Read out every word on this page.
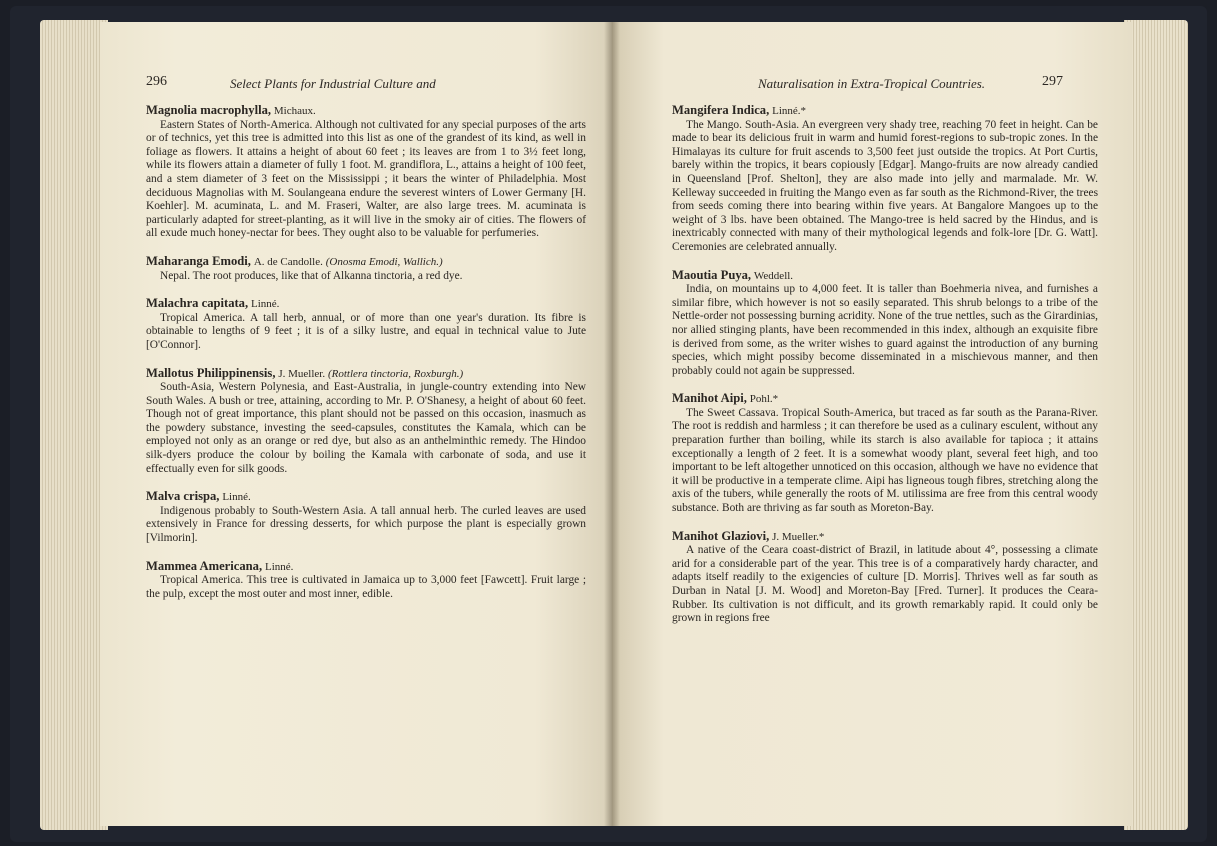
296	Select Plants for Industrial Culture and
Magnolia macrophylla, Michaux.

Eastern States of North-America. Although not cultivated for any special purposes of the arts or of technics, yet this tree is admitted into this list as one of the grandest of its kind, as well in foliage as flowers. It attains a height of about 60 feet ; its leaves are from 1 to 3½ feet long, while its flowers attain a diameter of fully 1 foot. M. grandiflora, L., attains a height of 100 feet, and a stem diameter of 3 feet on the Mississippi ; it bears the winter of Philadelphia. Most deciduous Magnolias with M. Soulangeana endure the severest winters of Lower Germany [H. Koehler]. M. acuminata, L. and M. Fraseri, Walter, are also large trees. M. acuminata is particularly adapted for street-planting, as it will live in the smoky air of cities. The flowers of all exude much honey-nectar for bees. They ought also to be valuable for perfumeries.

Maharanga Emodi, A. de Candolle. (Onosma Emodi, Wallich.)

Nepal. The root produces, like that of Alkanna tinctoria, a red dye.

Malachra capitata, Linné.

Tropical America. A tall herb, annual, or of more than one year's duration. Its fibre is obtainable to lengths of 9 feet ; it is of a silky lustre, and equal in technical value to Jute [O'Connor].

Mallotus Philippinensis, J. Mueller. (Rottlera tinctoria, Roxburgh.)

South-Asia, Western Polynesia, and East-Australia, in jungle-country extending into New South Wales. A bush or tree, attaining, according to Mr. P. O'Shanesy, a height of about 60 feet. Though not of great importance, this plant should not be passed on this occasion, inasmuch as the powdery substance, investing the seed-capsules, constitutes the Kamala, which can be employed not only as an orange or red dye, but also as an anthelminthic remedy. The Hindoo silk-dyers produce the colour by boiling the Kamala with carbonate of soda, and use it effectually even for silk goods.

Malva crispa, Linné.

Indigenous probably to South-Western Asia. A tall annual herb. The curled leaves are used extensively in France for dressing desserts, for which purpose the plant is especially grown [Vilmorin].

Mammea Americana, Linné.

Tropical America. This tree is cultivated in Jamaica up to 3,000 feet [Fawcett]. Fruit large ; the pulp, except the most outer and most inner, edible.

Naturalisation in Extra-Tropical Countries.	297
Mangifera Indica, Linné.*

The Mango. South-Asia. An evergreen very shady tree, reaching 70 feet in height. Can be made to bear its delicious fruit in warm and humid forest-regions to sub-tropic zones. In the Himalayas its culture for fruit ascends to 3,500 feet just outside the tropics. At Port Curtis, barely within the tropics, it bears copiously [Edgar]. Mango-fruits are now already candied in Queensland [Prof. Shelton], they are also made into jelly and marmalade. Mr. W. Kelleway succeeded in fruiting the Mango even as far south as the Richmond-River, the trees from seeds coming there into bearing within five years. At Bangalore Mangoes up to the weight of 3 lbs. have been obtained. The Mango-tree is held sacred by the Hindus, and is inextricably connected with many of their mythological legends and folk-lore [Dr. G. Watt]. Ceremonies are celebrated annually.

Maoutia Puya, Weddell.

India, on mountains up to 4,000 feet. It is taller than Boehmeria nivea, and furnishes a similar fibre, which however is not so easily separated. This shrub belongs to a tribe of the Nettle-order not possessing burning acridity. None of the true nettles, such as the Girardinias, nor allied stinging plants, have been recommended in this index, although an exquisite fibre is derived from some, as the writer wishes to guard against the introduction of any burning species, which might possiby become disseminated in a mischievous manner, and then probably could not again be suppressed.

Manihot Aipi, Pohl.*

The Sweet Cassava. Tropical South-America, but traced as far south as the Parana-River. The root is reddish and harmless ; it can therefore be used as a culinary esculent, without any preparation further than boiling, while its starch is also available for tapioca ; it attains exceptionally a length of 2 feet. It is a somewhat woody plant, several feet high, and too important to be left altogether unnoticed on this occasion, although we have no evidence that it will be productive in a temperate clime. Aipi has ligneous tough fibres, stretching along the axis of the tubers, while generally the roots of M. utilissima are free from this central woody substance. Both are thriving as far south as Moreton-Bay.

Manihot Glaziovi, J. Mueller.*

A native of the Ceara coast-district of Brazil, in latitude about 4°, possessing a climate arid for a considerable part of the year. This tree is of a comparatively hardy character, and adapts itself readily to the exigencies of culture [D. Morris]. Thrives well as far south as Durban in Natal [J. M. Wood] and Moreton-Bay [Fred. Turner]. It produces the Ceara-Rubber. Its cultivation is not difficult, and its growth remarkably rapid. It could only be grown in regions free
